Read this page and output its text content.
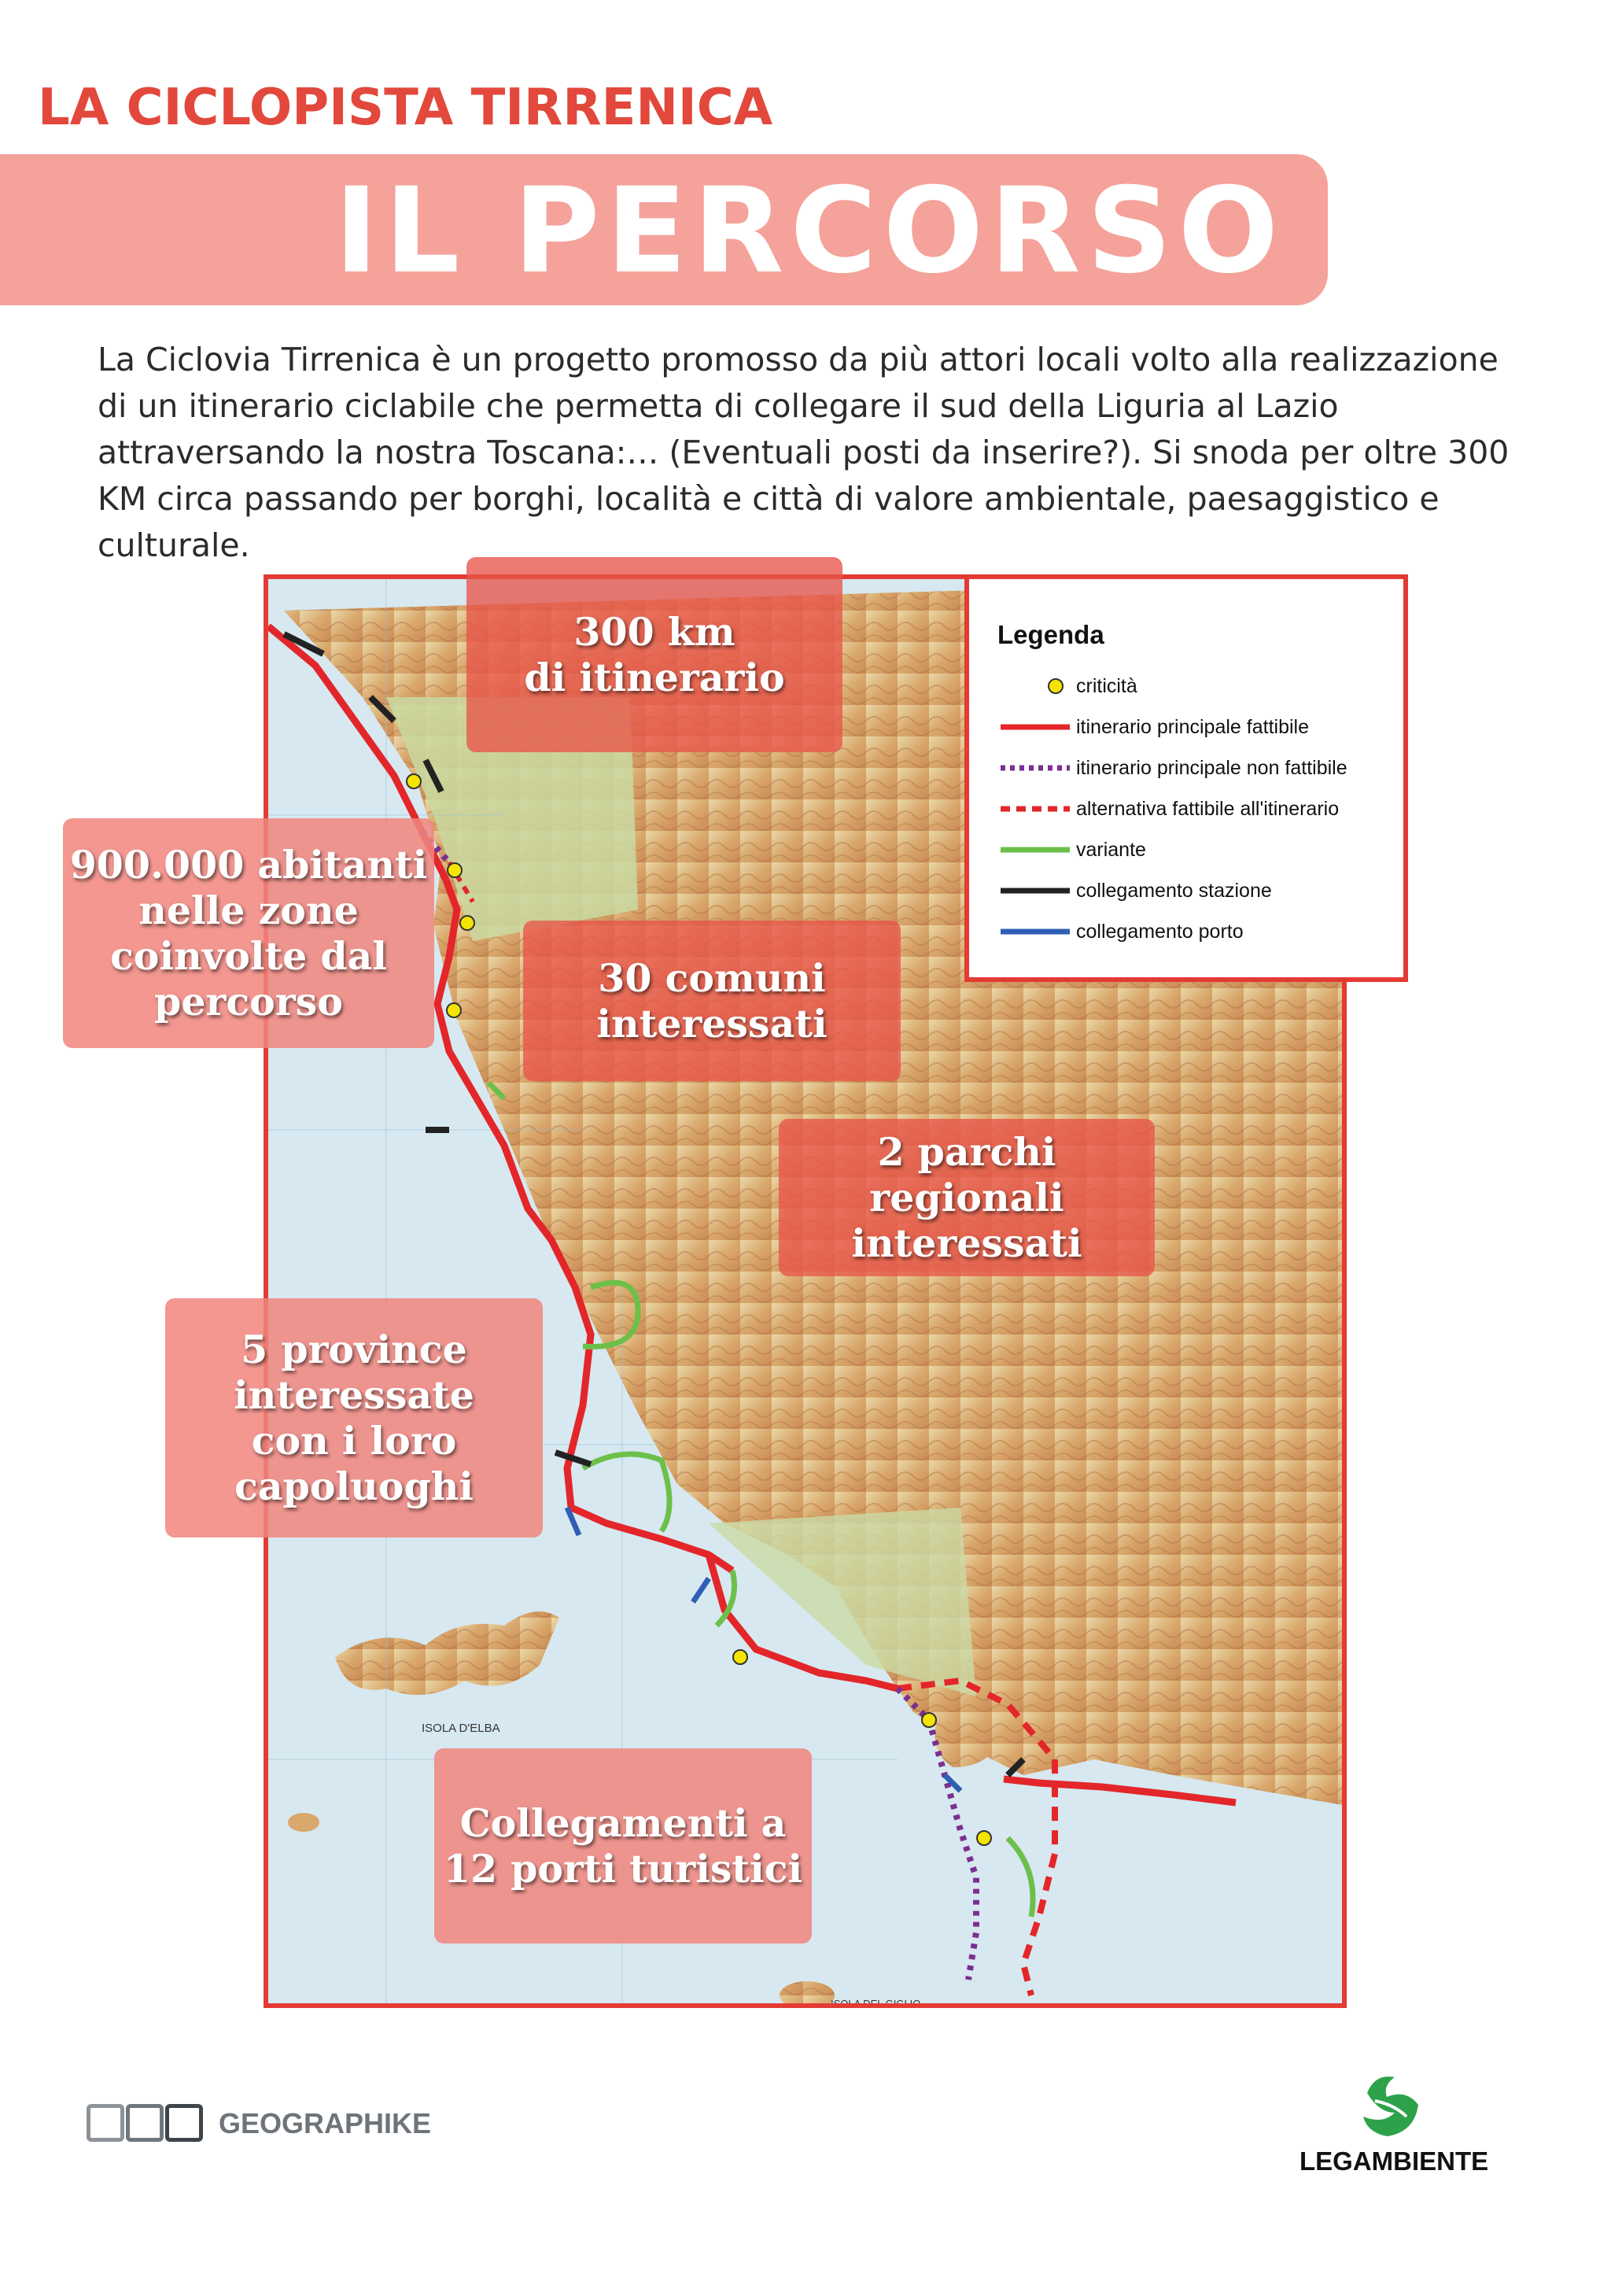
LA CICLOPISTA TIRRENICA
IL PERCORSO
La Ciclovia Tirrenica è un progetto promosso da più attori locali volto alla realizzazione di un itinerario ciclabile che permetta di collegare il sud della Liguria al Lazio attraversando la nostra Toscana:… (Eventuali posti da inserire?). Si snoda per oltre 300 KM circa passando per borghi, località e città di valore ambientale, paesaggistico e culturale.
ISOLA D'ELBA
ISOLA DEL GIGLIO
Legenda
criticità
itinerario principale fattibile
itinerario principale non fattibile
alternativa fattibile all'itinerario
variante
collegamento stazione
collegamento porto
300 km
di itinerario
900.000 abitanti
nelle zone
coinvolte dal
percorso
30 comuni
interessati
2 parchi
regionali
interessati
5 province
interessate
con i loro
capoluoghi
Collegamenti a
12 porti turistici
GEOGRAPHIKE
LEGAMBIENTE
